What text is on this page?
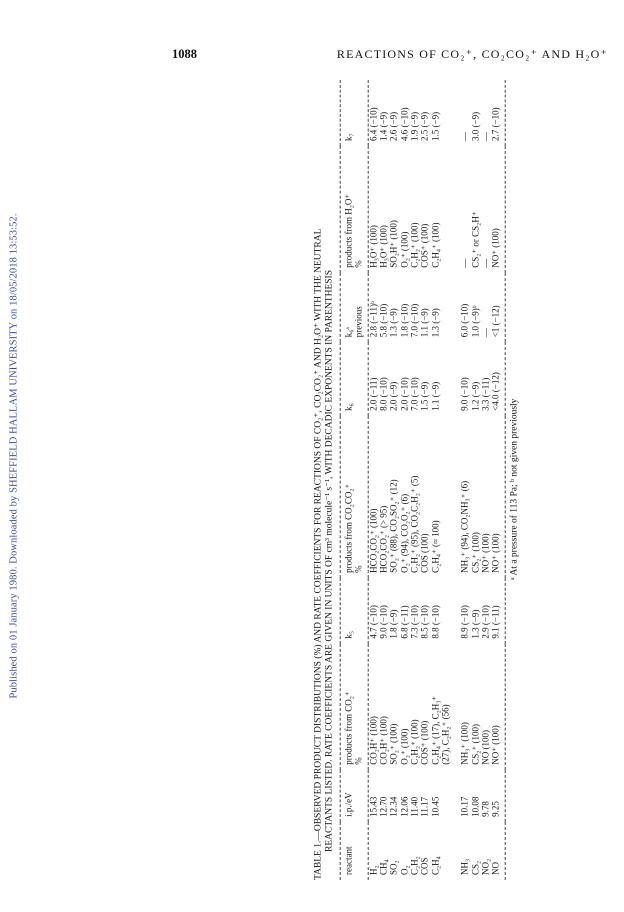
Published on 01 January 1980. Downloaded by SHEFFIELD HALLAM UNIVERSITY on 18/05/2018 13:53:52.
1088	REACTIONS OF CO₂⁺, CO₂CO₂⁺ AND H₂O⁺
TABLE 1.—OBSERVED PRODUCT DISTRIBUTIONS (%) AND RATE COEFFICIENTS FOR REACTIONS OF CO₂⁺, CO₂CO₂⁺ AND H₂O⁺ WITH THE NEUTRAL REACTANTS LISTED. RATE COEFFICIENTS ARE GIVEN IN UNITS OF cm³ molecule⁻¹ s⁻¹, WITH DECADIC EXPONENTS IN PARENTHESIS
reactant	i.p./eV	products from CO₂⁺	k₅	products from CO₂CO₂⁺	k₆	k₆ᵃ	products from H₂O⁺	k₇
		%		%		previous	%	
H₂	15.43	CO₂H⁺ (100)	4.7 (−10)	HCO₂CO₂⁺ (100)	2.0 (−11)	2.8 (−11)ᵇ	H₃O⁺ (100)	6.4 (−10)
CH₄	12.70	CO₂H⁺ (100)	9.0 (−10)	HCO₂CO₂⁺ (> 95)	8.0 (−10)	5.8 (−10)	H₃O⁺ (100)	1.4 (−9)
SO₂	12.34	SO₂⁺ (100)	1.8 (−9)	SO₂⁺ (88), CO₂SO₂⁺ (12)	2.0 (−9)	1.3 (−9)	SO₂H⁺ (100)	2.6 (−9)
O₂	12.06	O₂⁺ (100)	6.8 (−11)	O₂⁺ (94), CO₂O₂⁺ (6)	2.0 (−10)	1.8 (−10)	O₂⁺ (100)	4.6 (−10)
C₂H₂	11.40	C₂H₂⁺ (100)	7.3 (−10)	C₂H₂⁺ (95), CO₂C₂H₂⁺ (5)	7.0 (−10)	7.0 (−10)	C₂H₂⁺ (100)	1.9 (−9)
COS	11.17	COS⁺ (100)	8.5 (−10)	COS (100)	1.5 (−9)	1.1 (−9)	COS⁺ (100)	2.5 (−9)
C₂H₄	10.45	C₂H₄⁺ (17), C₂H₃⁺	8.8 (−10)	C₂H₄⁺ (≈ 100)	1.1 (−9)	1.3 (−9)	C₂H₄⁺ (100)	1.5 (−9)
		(27), C₂H₂⁺ (56)						
NH₃	10.17	NH₃⁺ (100)	8.9 (−10)	NH₃⁺ (94), CO₂NH₃⁺ (6)	9.0 (−10)	6.0 (−10)	—	—
CS₂	10.08	CS₂⁺ (100)	1.3 (−9)	CS₂⁺ (100)	1.2 (−9)	1.0 (−9)ᵇ	CS₂⁺ or CS₂H⁺	3.0 (−9)
NO₂	9.78	NO (100)	2.9 (−10)	NO⁺ (100)	3.3 (−11)	—	—	—
NO	9.25	NO⁺ (100)	9.1 (−11)	NO⁺ (100)	<4.0 (−12)	<1 (−12)	NO⁺ (100)	2.7 (−10)
ᵃ At a pressure of 113 Pa; ᵇ not given previously
